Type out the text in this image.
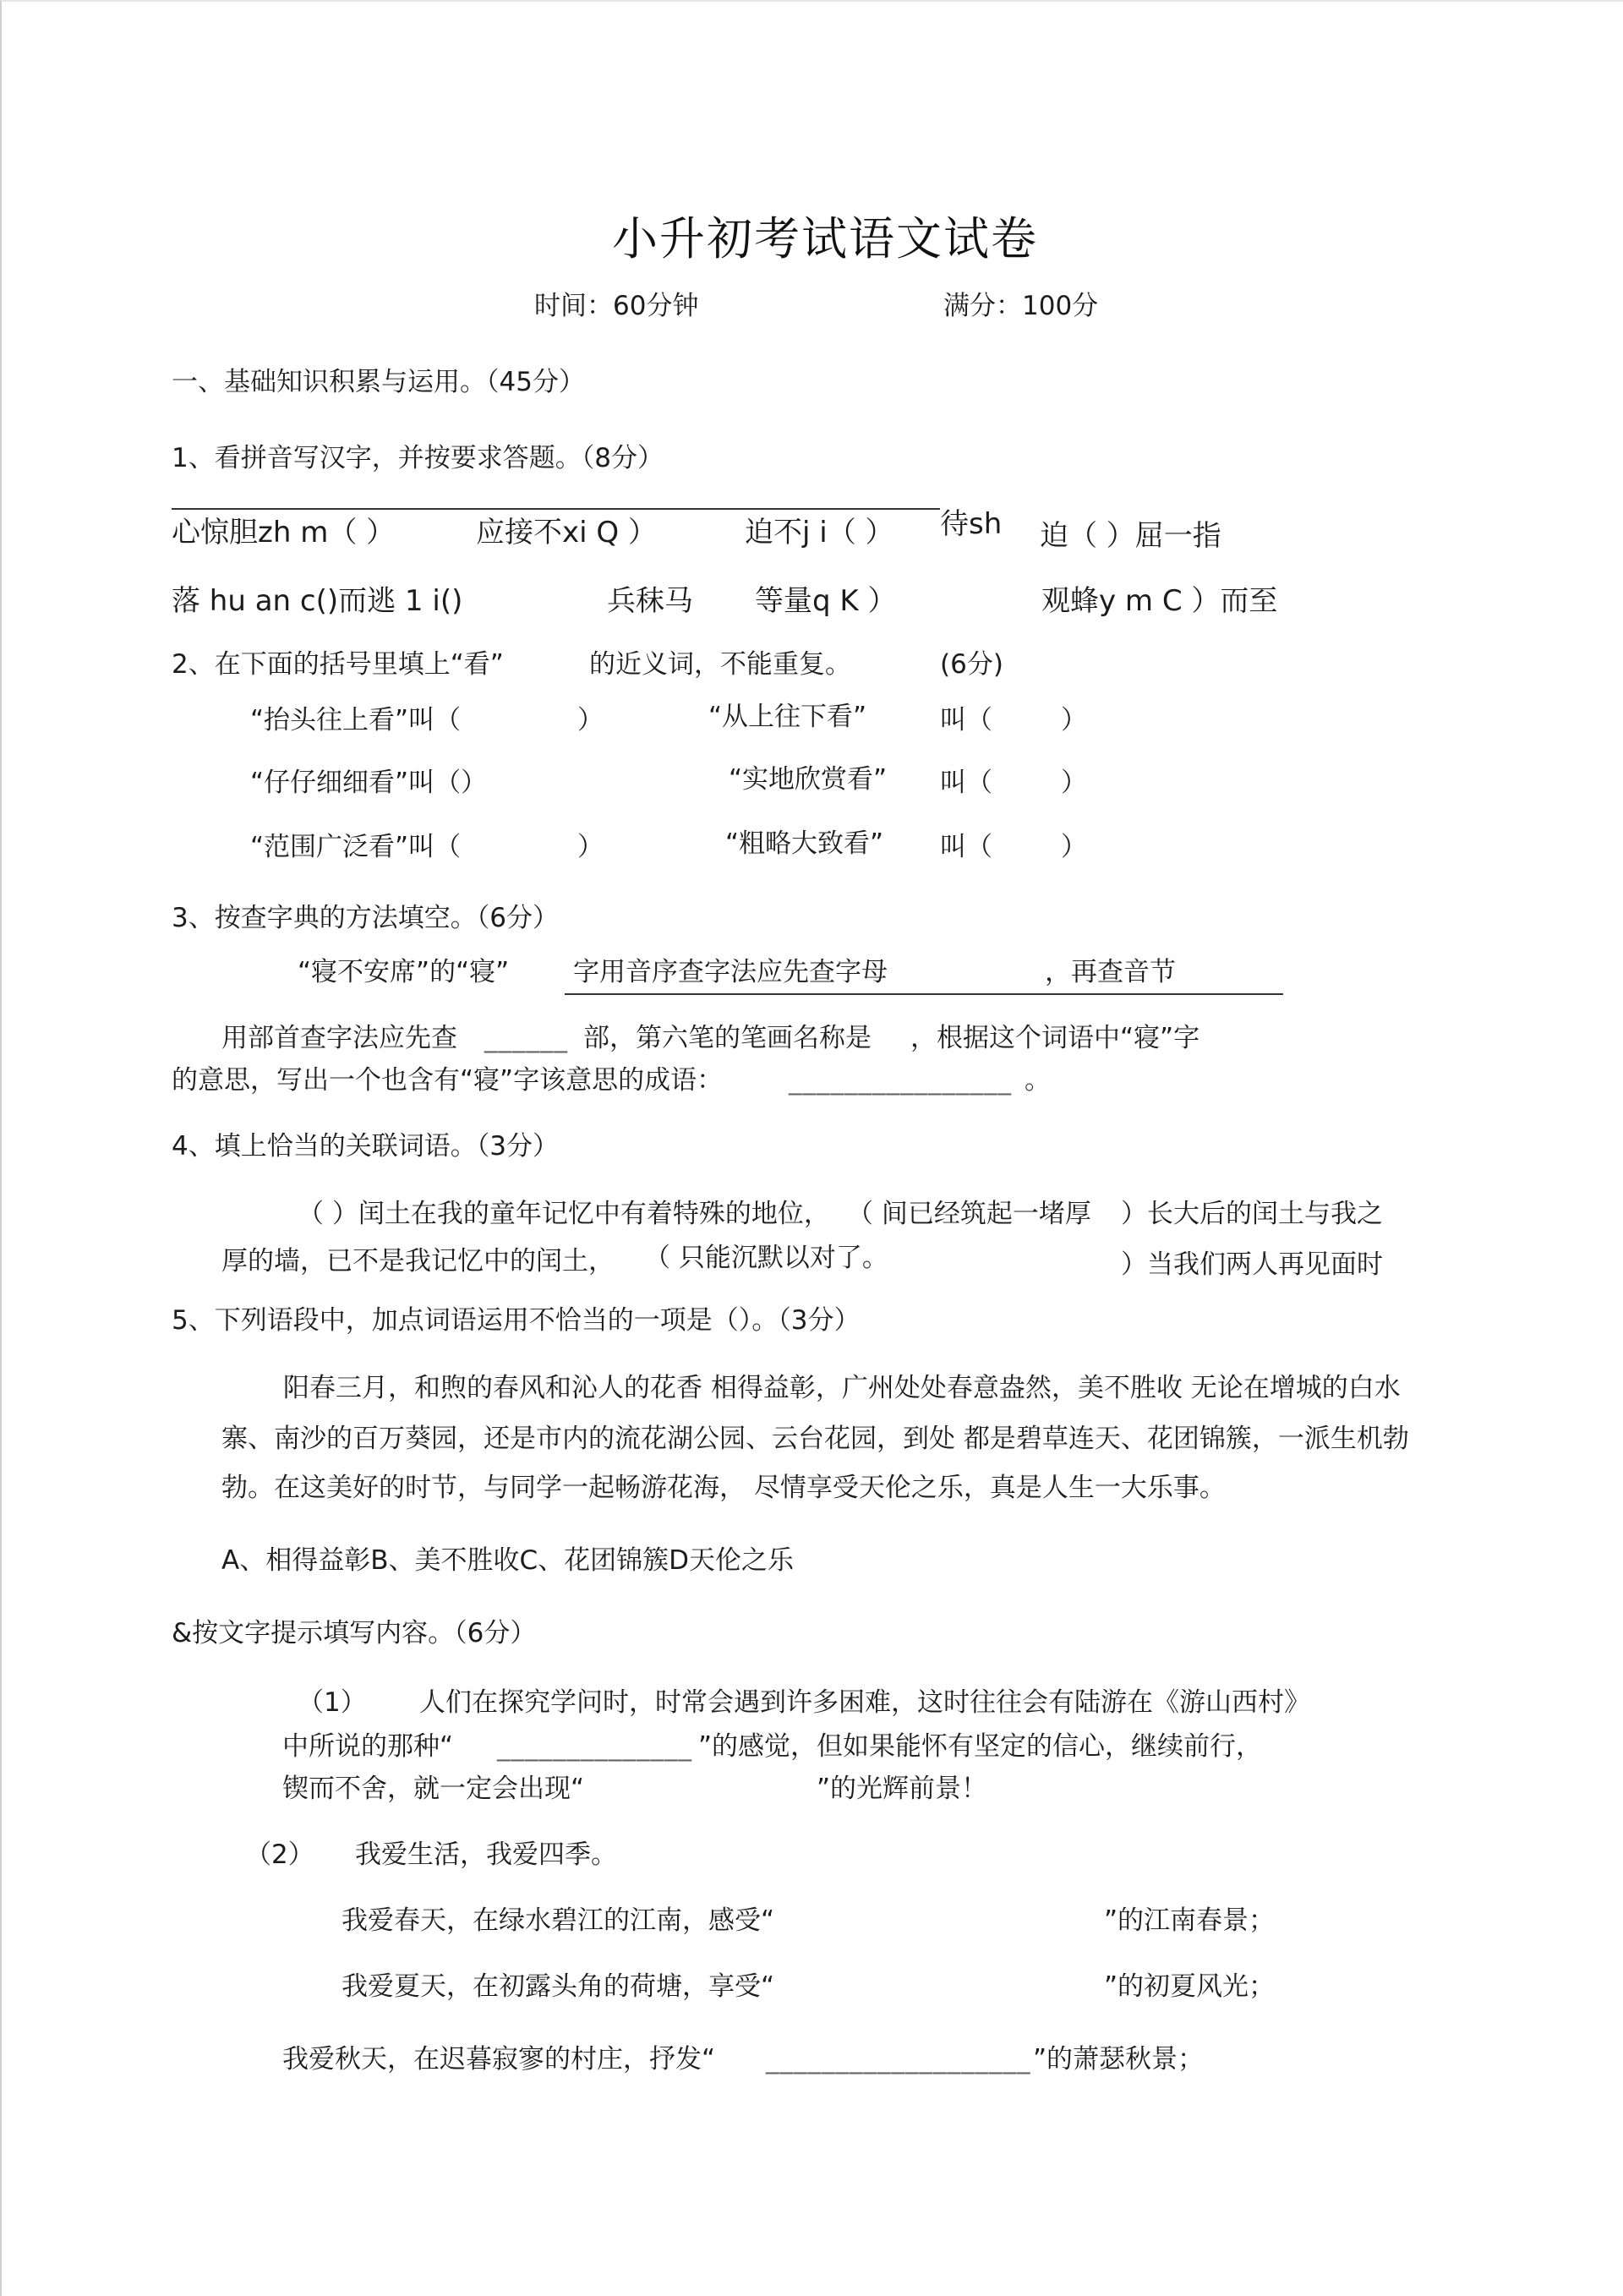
小升初考试语文试卷
时间：60分钟	满分：100分
一、基础知识积累与运用。（45分）
1、看拼音写汉字，并按要求答题。（8分）
心惊胆zh m（ ）	应接不xi Q ）	迫不j i（ ） 待sh 迫（ ）屈一指
落 hu an c()而逃 1 i()	兵秣马 等量q K ）	观蜂y m C ）而至
2、在下面的括号里填上“看”	的近义词，不能重复。	(6分)
“抬头往上看”叫（	）	“从上往下看”	叫（	）
“仔仔细细看”叫（）	“实地欣赏看” 叫（	）
“范围广泛看”叫（	）	“粗略大致看” 叫（	）
3、按查字典的方法填空。（6分）
“寝不安席”的“寝” 字用音序查字法应先查字母	，再查音节
用部首查字法应先查 ______ 部，第六笔的笔画名称是 ，根据这个词语中“寝”字
的意思，写出一个也含有“寝”字该意思的成语：	________________ 。
4、填上恰当的关联词语。（3分）
（ ）闰土在我的童年记忆中有着特殊的地位， （ 间已经筑起一堵厚 ）长大后的闰土与我之
厚的墙，已不是我记忆中的闰土， （ 只能沉默以对了。	）当我们两人再见面时
5、下列语段中，加点词语运用不恰当的一项是（）。（3分）
阳春三月，和煦的春风和沁人的花香 相得益彰，广州处处春意盎然，美不胜收 无论在增城的白水
寨、南沙的百万葵园，还是市内的流花湖公园、云台花园，到处 都是碧草连天、花团锦簇，一派生机勃
勃。在这美好的时节，与同学一起畅游花海， 尽情享受天伦之乐，真是人生一大乐事。
A、相得益彰B、美不胜收C、花团锦簇D天伦之乐
&按文字提示填写内容。（6分）
（1） 人们在探究学问时，时常会遇到许多困难，这时往往会有陆游在《游山西村》
中所说的那种“ ______________ ”的感觉，但如果能怀有坚定的信心，继续前行，
锲而不舍，就一定会出现“	”的光辉前景！
（2） 我爱生活，我爱四季。
我爱春天，在绿水碧江的江南，感受“	”的江南春景；
我爱夏天，在初露头角的荷塘，享受“	”的初夏风光；
我爱秋天，在迟暮寂寥的村庄，抒发“ ___________________ ”的萧瑟秋景；
